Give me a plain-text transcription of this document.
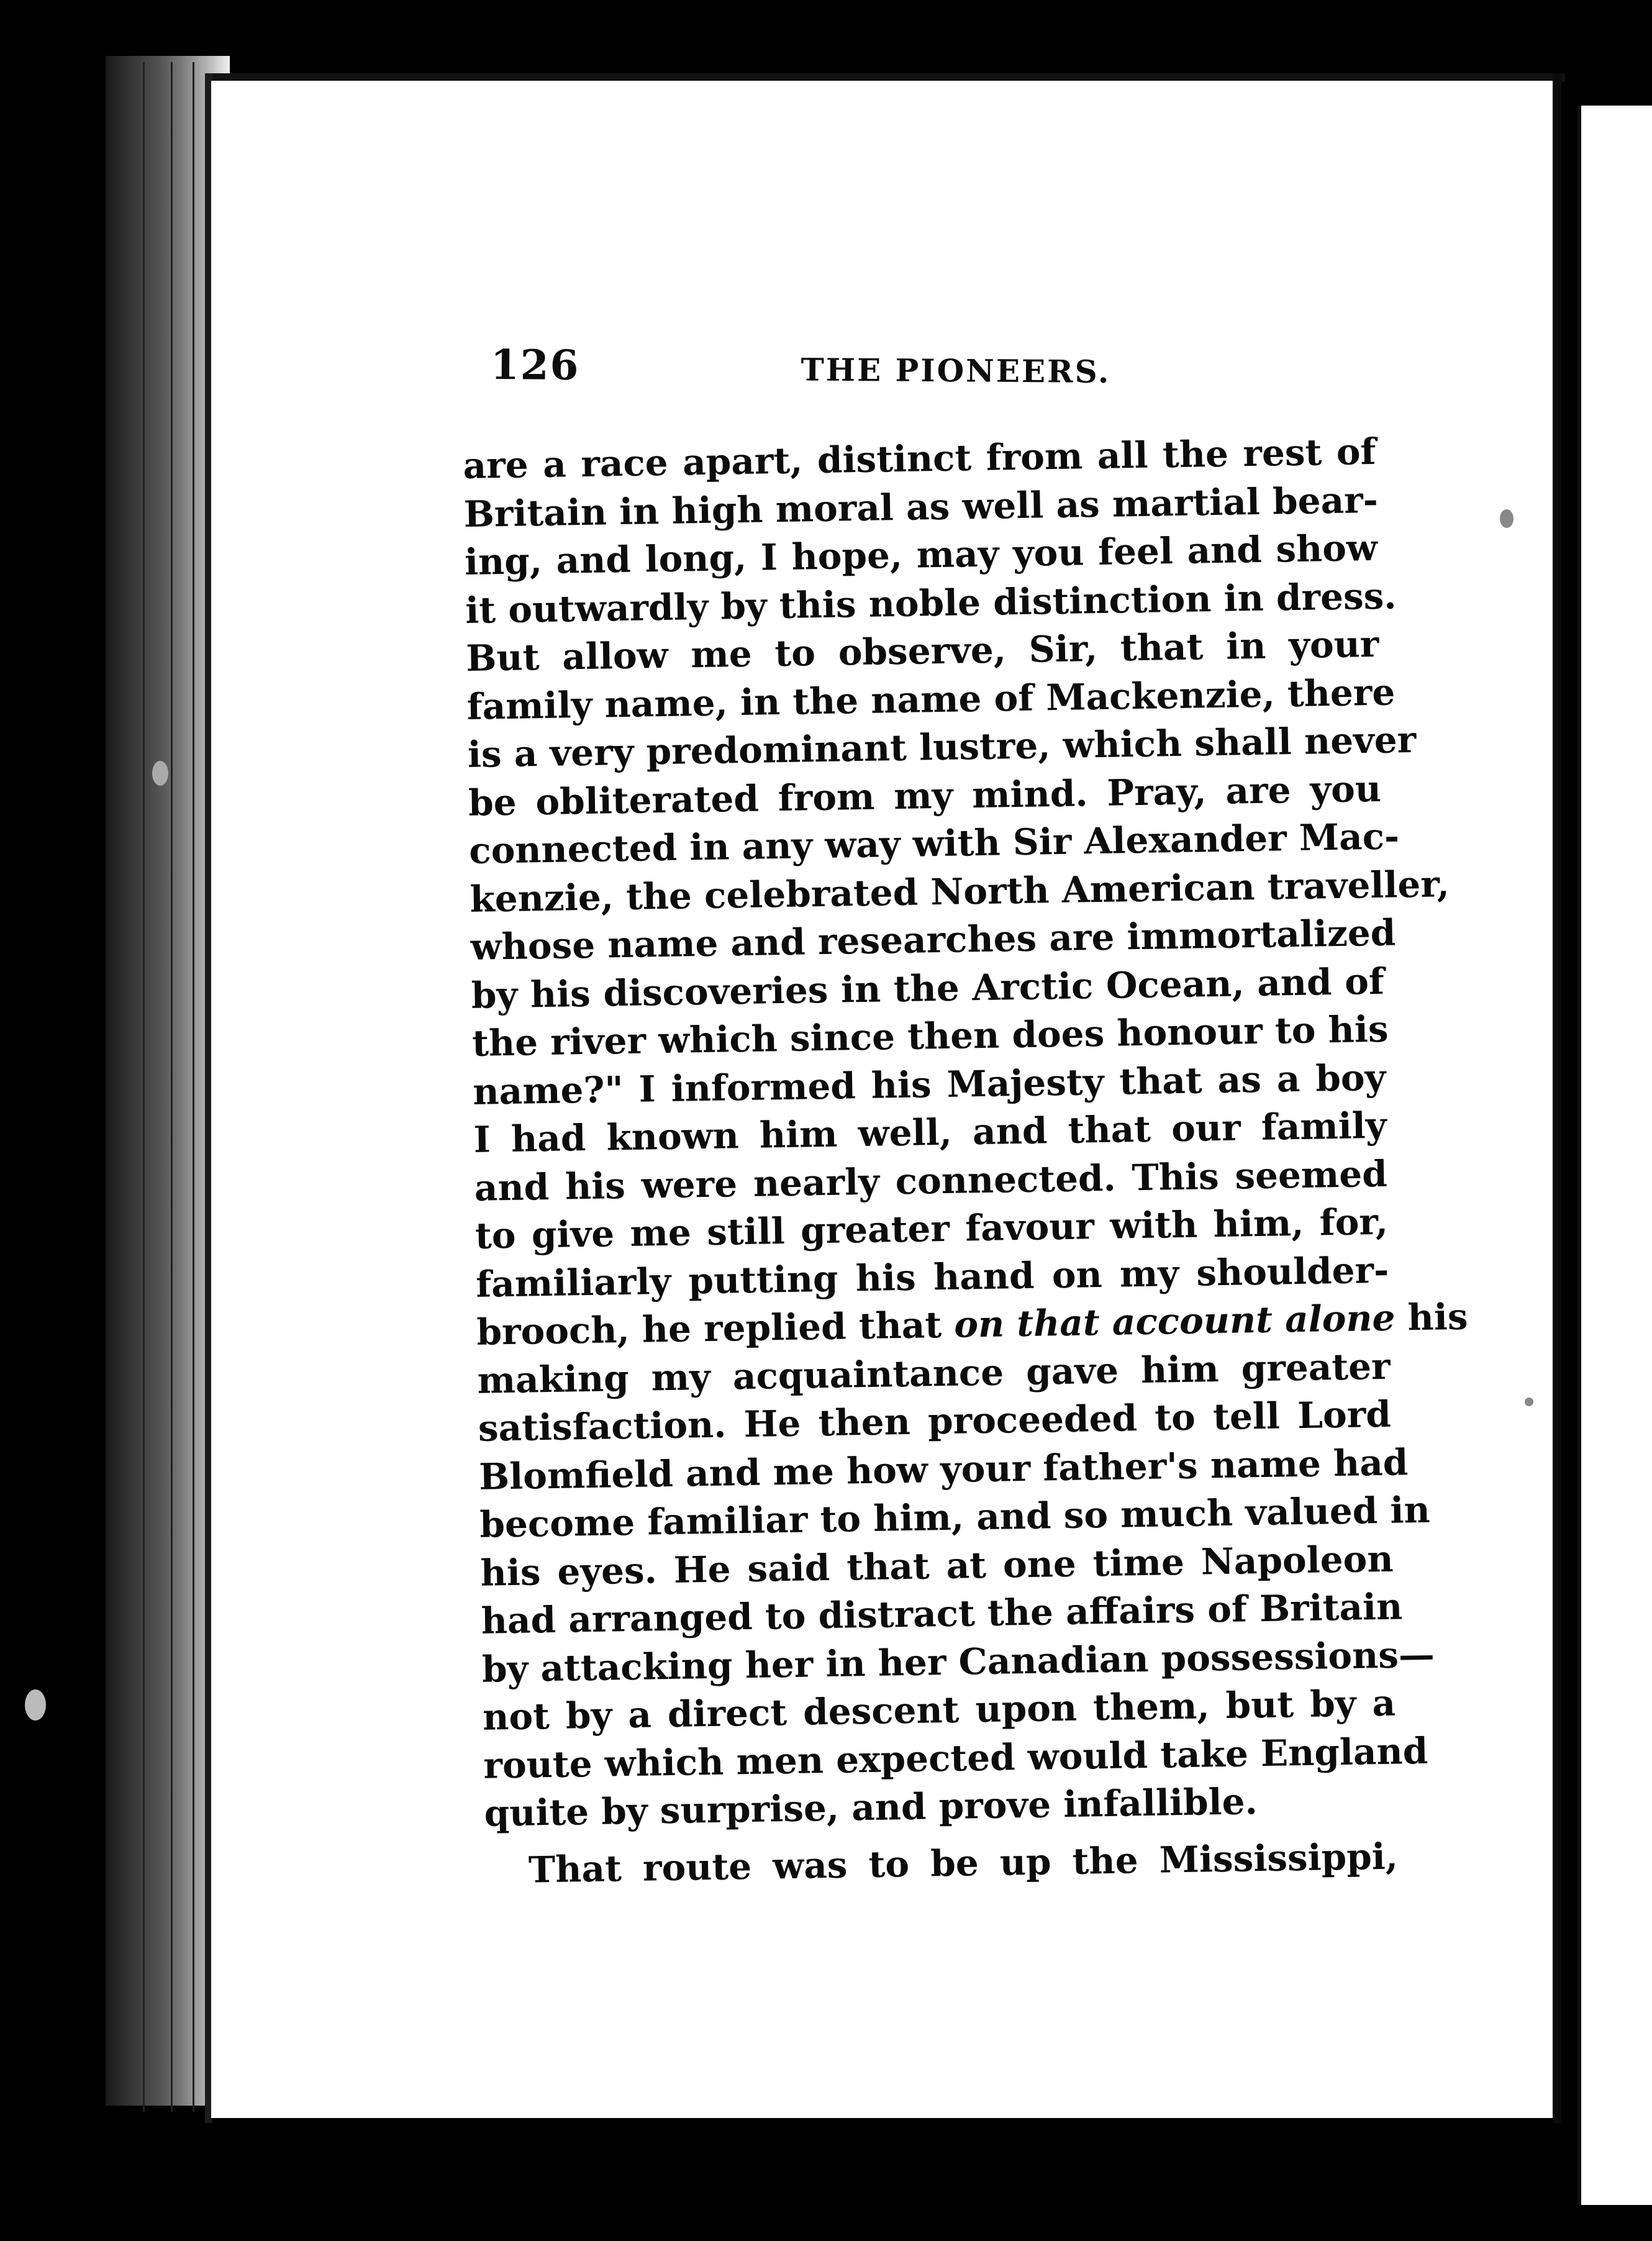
126	THE PIONEERS.
are a race apart, distinct from all the rest of
Britain in high moral as well as martial bear-
ing, and long, I hope, may you feel and show
it outwardly by this noble distinction in dress.
But allow me to observe, Sir, that in your
family name, in the name of Mackenzie, there
is a very predominant lustre, which shall never
be obliterated from my mind. Pray, are you
connected in any way with Sir Alexander Mac-
kenzie, the celebrated North American traveller,
whose name and researches are immortalized
by his discoveries in the Arctic Ocean, and of
the river which since then does honour to his
name?" I informed his Majesty that as a boy
I had known him well, and that our family
and his were nearly connected. This seemed
to give me still greater favour with him, for,
familiarly putting his hand on my shoulder-
brooch, he replied that on that account alone his
making my acquaintance gave him greater
satisfaction. He then proceeded to tell Lord
Blomfield and me how your father's name had
become familiar to him, and so much valued in
his eyes. He said that at one time Napoleon
had arranged to distract the affairs of Britain
by attacking her in her Canadian possessions—
not by a direct descent upon them, but by a
route which men expected would take England
quite by surprise, and prove infallible.
That route was to be up the Mississippi,
